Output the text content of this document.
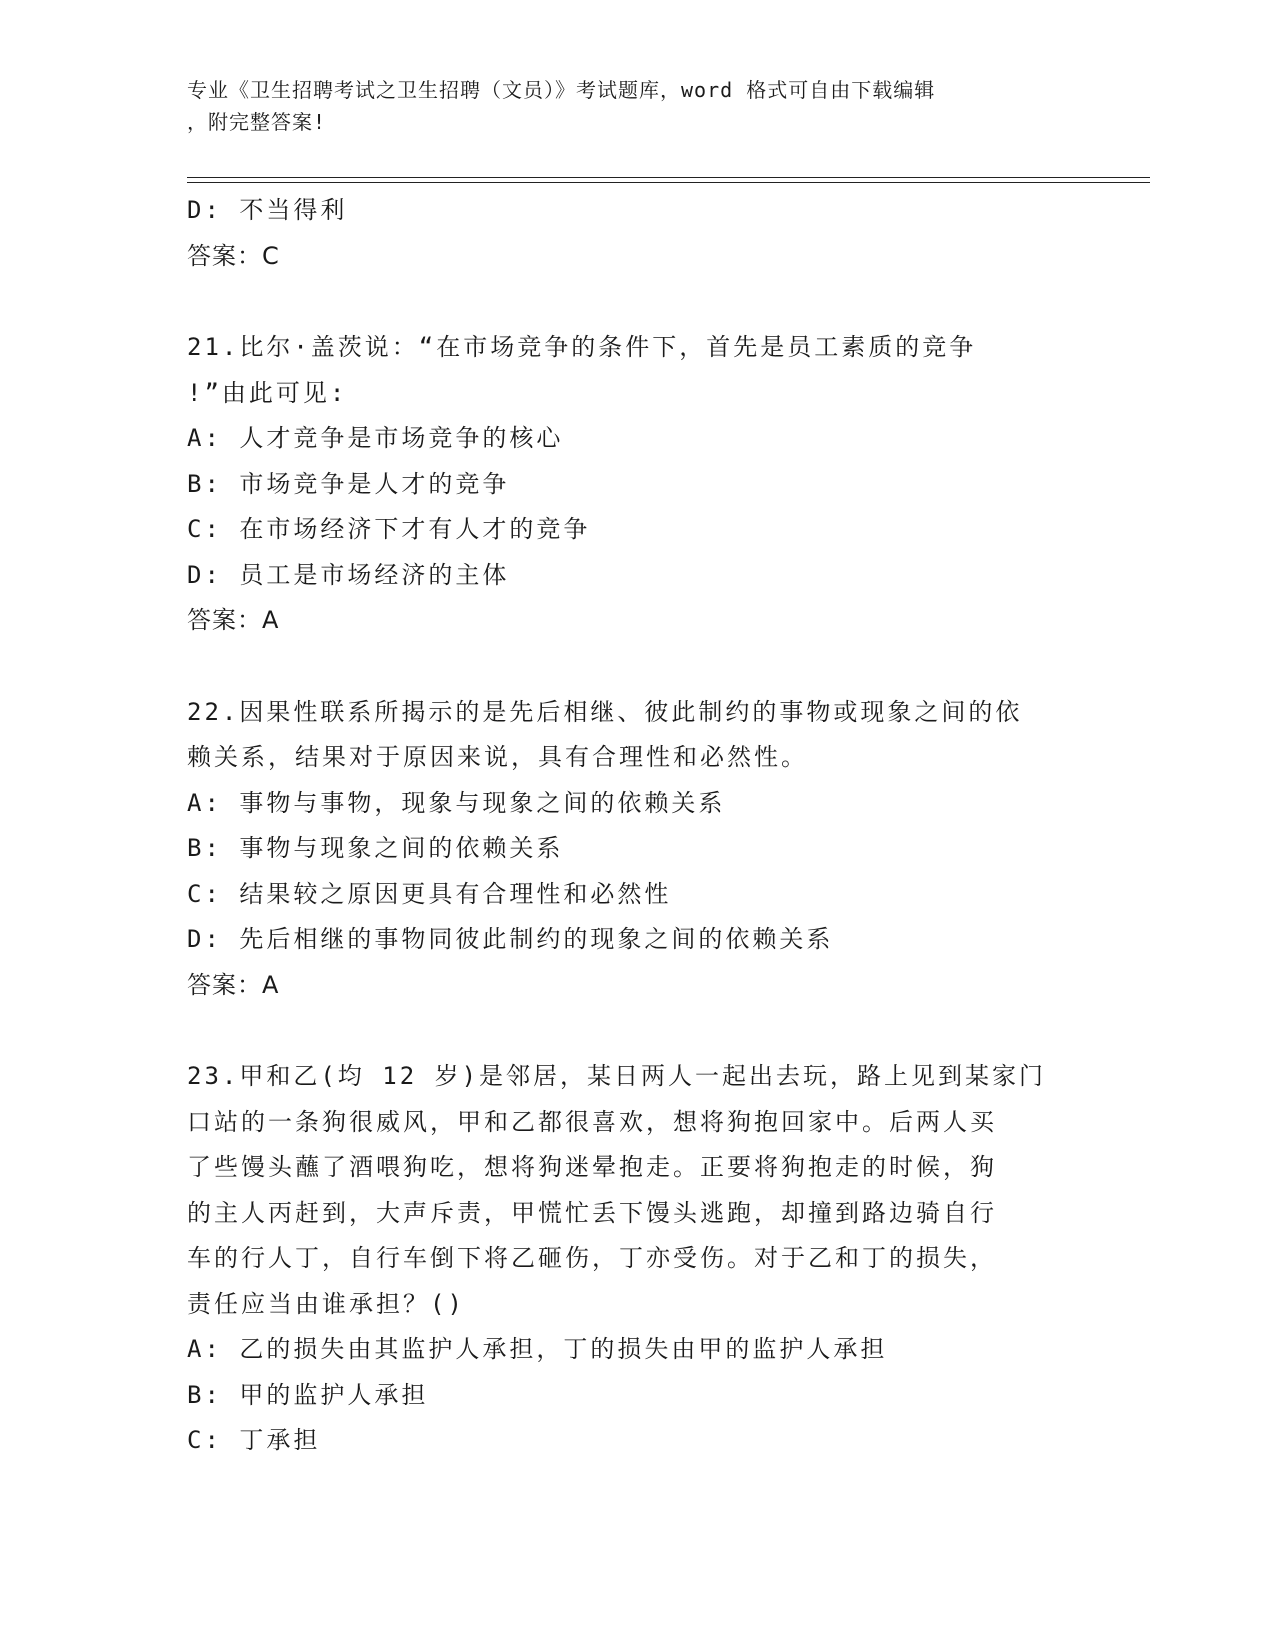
专业《卫生招聘考试之卫生招聘（文员）》考试题库，word 格式可自由下载编辑
，附完整答案!
D: 不当得利
答案：C
21.比尔·盖茨说：“在市场竞争的条件下，首先是员工素质的竞争
!”由此可见:
A: 人才竞争是市场竞争的核心
B: 市场竞争是人才的竞争
C: 在市场经济下才有人才的竞争
D: 员工是市场经济的主体
答案：A
22.因果性联系所揭示的是先后相继、彼此制约的事物或现象之间的依
赖关系，结果对于原因来说，具有合理性和必然性。
A: 事物与事物，现象与现象之间的依赖关系
B: 事物与现象之间的依赖关系
C: 结果较之原因更具有合理性和必然性
D: 先后相继的事物同彼此制约的现象之间的依赖关系
答案：A
23.甲和乙(均 12 岁)是邻居，某日两人一起出去玩，路上见到某家门
口站的一条狗很威风，甲和乙都很喜欢，想将狗抱回家中。后两人买
了些馒头蘸了酒喂狗吃，想将狗迷晕抱走。正要将狗抱走的时候，狗
的主人丙赶到，大声斥责，甲慌忙丢下馒头逃跑，却撞到路边骑自行
车的行人丁，自行车倒下将乙砸伤，丁亦受伤。对于乙和丁的损失，
责任应当由谁承担？()
A: 乙的损失由其监护人承担，丁的损失由甲的监护人承担
B: 甲的监护人承担
C: 丁承担
